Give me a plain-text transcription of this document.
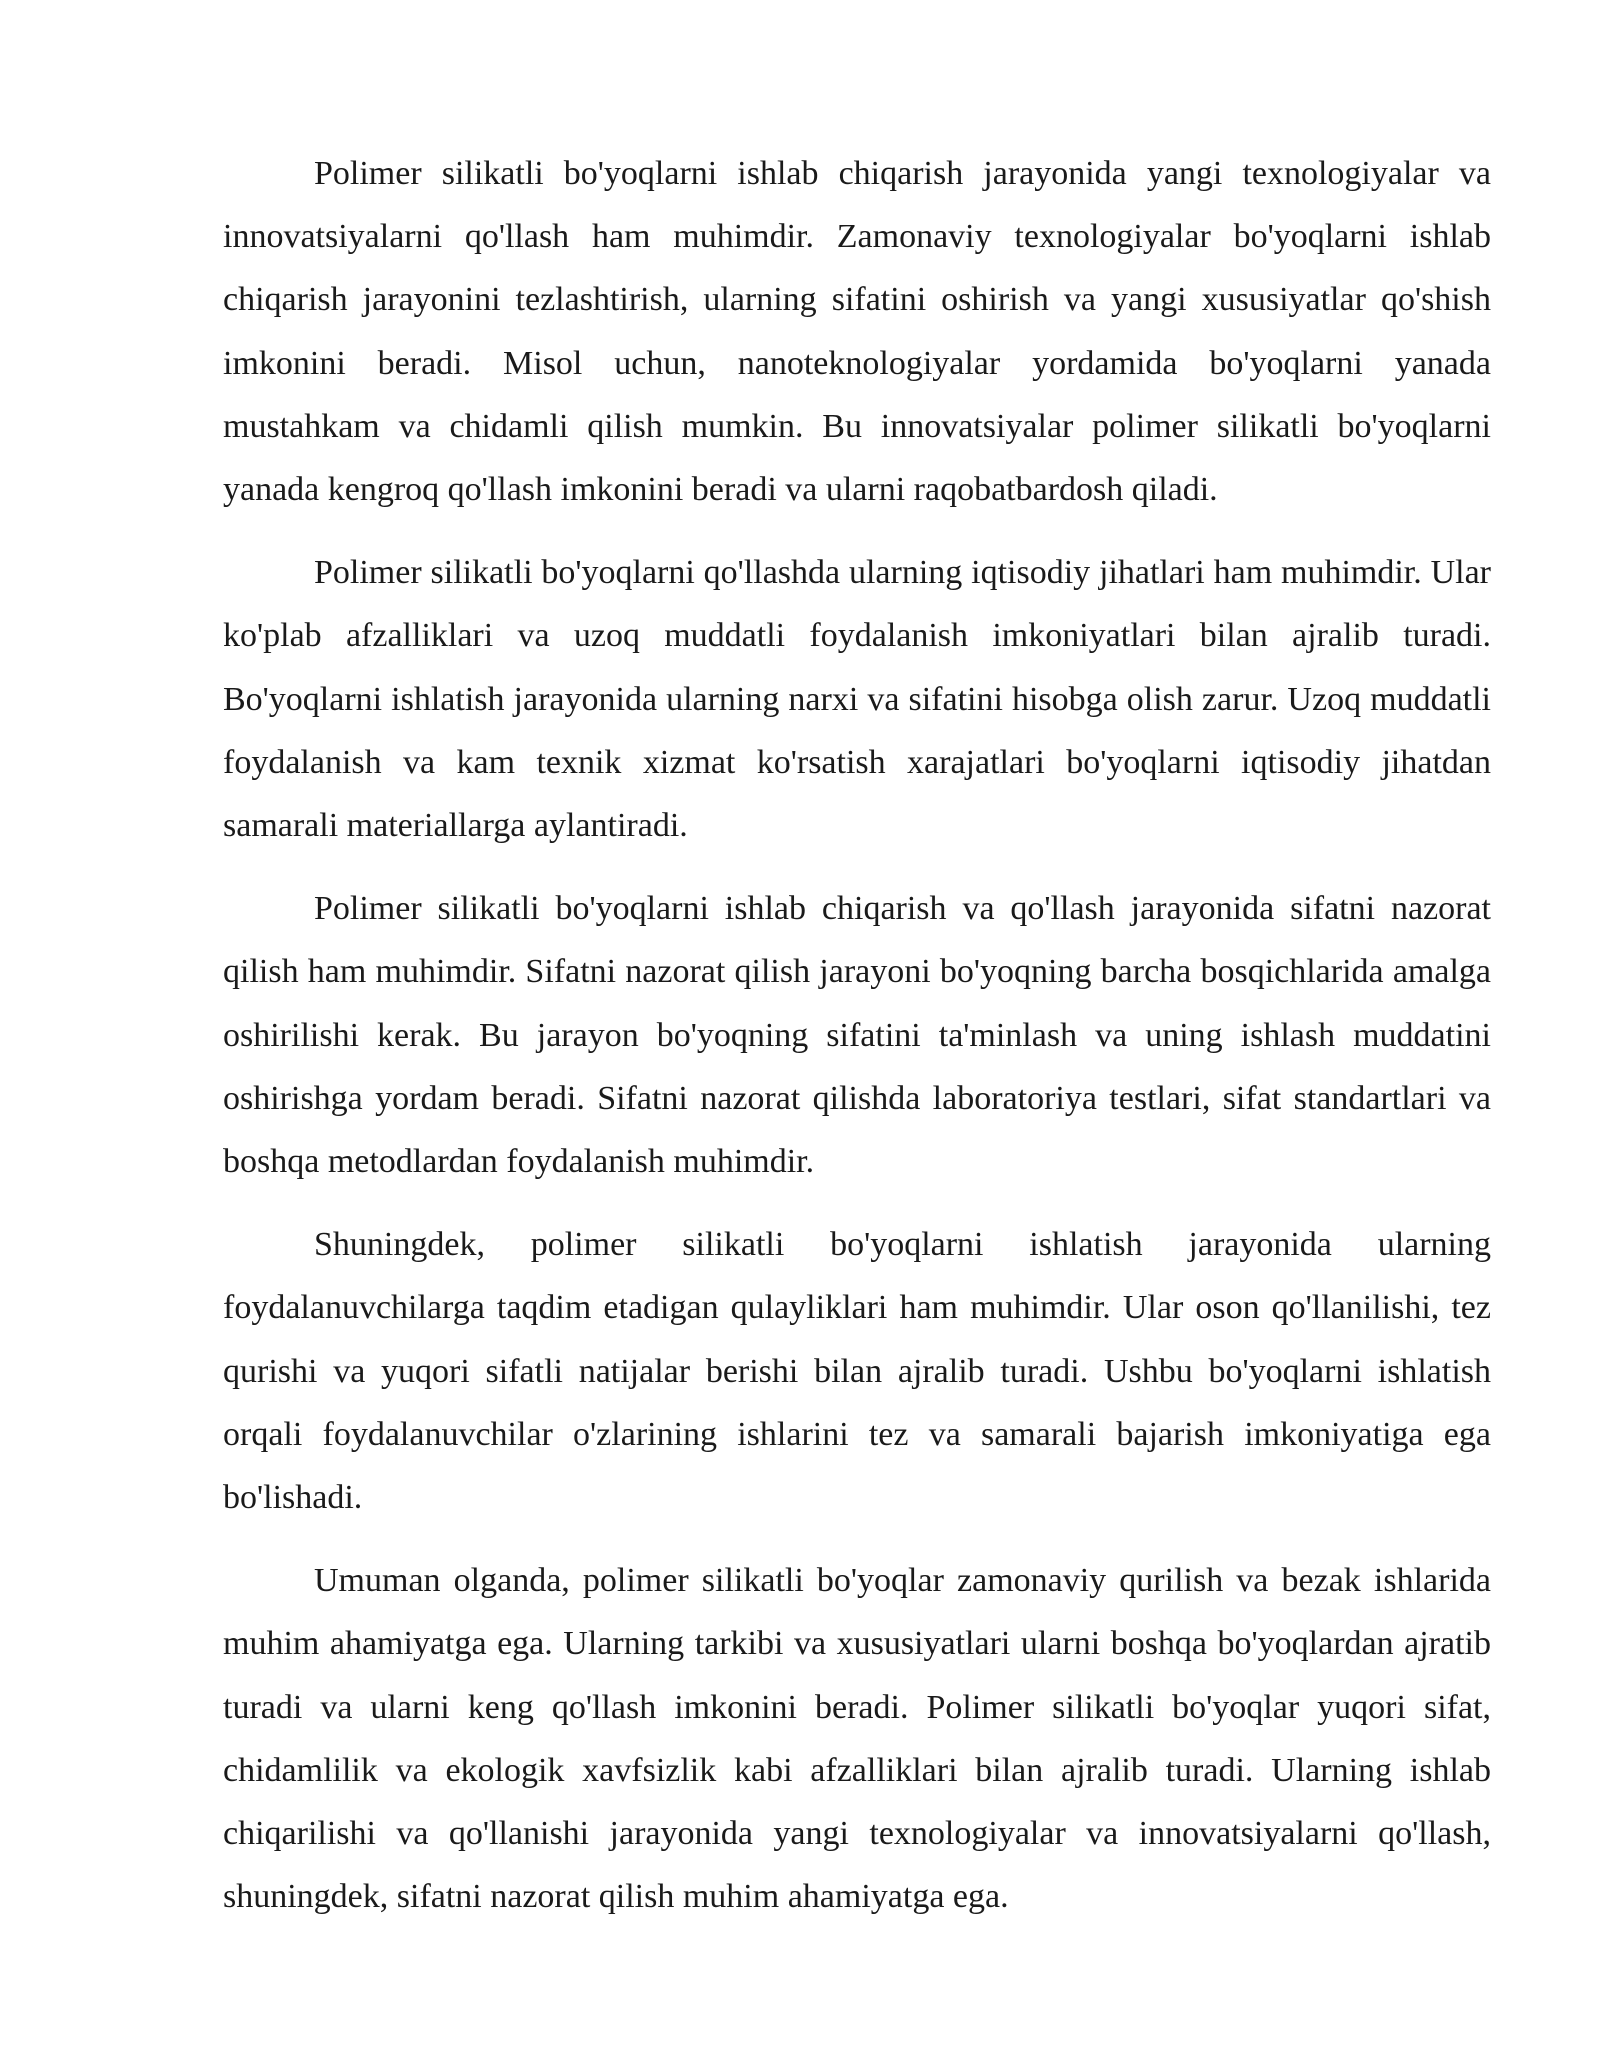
Polimer silikatli bo'yoqlarni ishlab chiqarish jarayonida yangi texnologiyalar va innovatsiyalarni qo'llash ham muhimdir. Zamonaviy texnologiyalar bo'yoqlarni ishlab chiqarish jarayonini tezlashtirish, ularning sifatini oshirish va yangi xususiyatlar qo'shish imkonini beradi. Misol uchun, nanoteknologiyalar yordamida bo'yoqlarni yanada mustahkam va chidamli qilish mumkin. Bu innovatsiyalar polimer silikatli bo'yoqlarni yanada kengroq qo'llash imkonini beradi va ularni raqobatbardosh qiladi.

Polimer silikatli bo'yoqlarni qo'llashda ularning iqtisodiy jihatlari ham muhimdir. Ular ko'plab afzalliklari va uzoq muddatli foydalanish imkoniyatlari bilan ajralib turadi. Bo'yoqlarni ishlatish jarayonida ularning narxi va sifatini hisobga olish zarur. Uzoq muddatli foydalanish va kam texnik xizmat ko'rsatish xarajatlari bo'yoqlarni iqtisodiy jihatdan samarali materiallarga aylantiradi.

Polimer silikatli bo'yoqlarni ishlab chiqarish va qo'llash jarayonida sifatni nazorat qilish ham muhimdir. Sifatni nazorat qilish jarayoni bo'yoqning barcha bosqichlarida amalga oshirilishi kerak. Bu jarayon bo'yoqning sifatini ta'minlash va uning ishlash muddatini oshirishga yordam beradi. Sifatni nazorat qilishda laboratoriya testlari, sifat standartlari va boshqa metodlardan foydalanish muhimdir.

Shuningdek, polimer silikatli bo'yoqlarni ishlatish jarayonida ularning foydalanuvchilarga taqdim etadigan qulayliklari ham muhimdir. Ular oson qo'llanilishi, tez qurishi va yuqori sifatli natijalar berishi bilan ajralib turadi. Ushbu bo'yoqlarni ishlatish orqali foydalanuvchilar o'zlarining ishlarini tez va samarali bajarish imkoniyatiga ega bo'lishadi.

Umuman olganda, polimer silikatli bo'yoqlar zamonaviy qurilish va bezak ishlarida muhim ahamiyatga ega. Ularning tarkibi va xususiyatlari ularni boshqa bo'yoqlardan ajratib turadi va ularni keng qo'llash imkonini beradi. Polimer silikatli bo'yoqlar yuqori sifat, chidamlilik va ekologik xavfsizlik kabi afzalliklari bilan ajralib turadi. Ularning ishlab chiqarilishi va qo'llanishi jarayonida yangi texnologiyalar va innovatsiyalarni qo'llash, shuningdek, sifatni nazorat qilish muhim ahamiyatga ega.
